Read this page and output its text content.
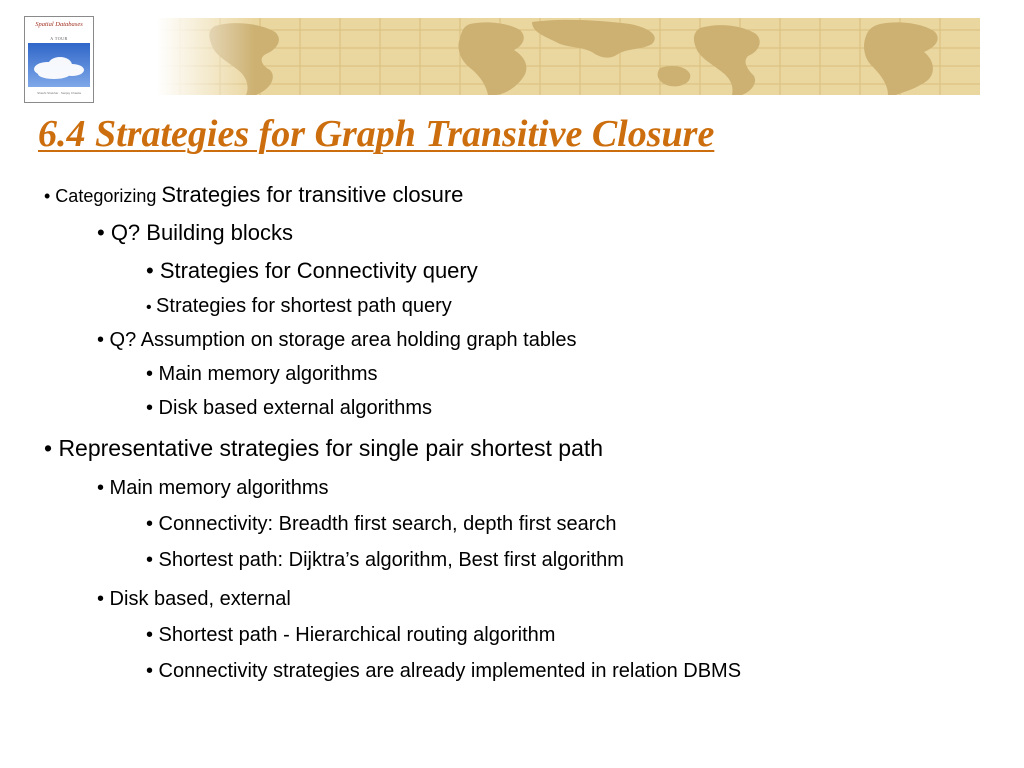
Spatial Databases
A TOUR
Shashi Shekhar · Sanjay Chawla
6.4 Strategies for Graph Transitive Closure
• Categorizing Strategies for transitive closure
• Q? Building blocks
• Strategies for Connectivity query
• Strategies for shortest path query
• Q? Assumption on storage area holding graph tables
• Main memory algorithms
• Disk based external algorithms
• Representative strategies for single pair shortest path
• Main memory algorithms
• Connectivity: Breadth first search, depth first search
• Shortest path: Dijktra’s algorithm, Best first algorithm
• Disk based, external
• Shortest path - Hierarchical routing algorithm
• Connectivity strategies are already implemented in relation DBMS
